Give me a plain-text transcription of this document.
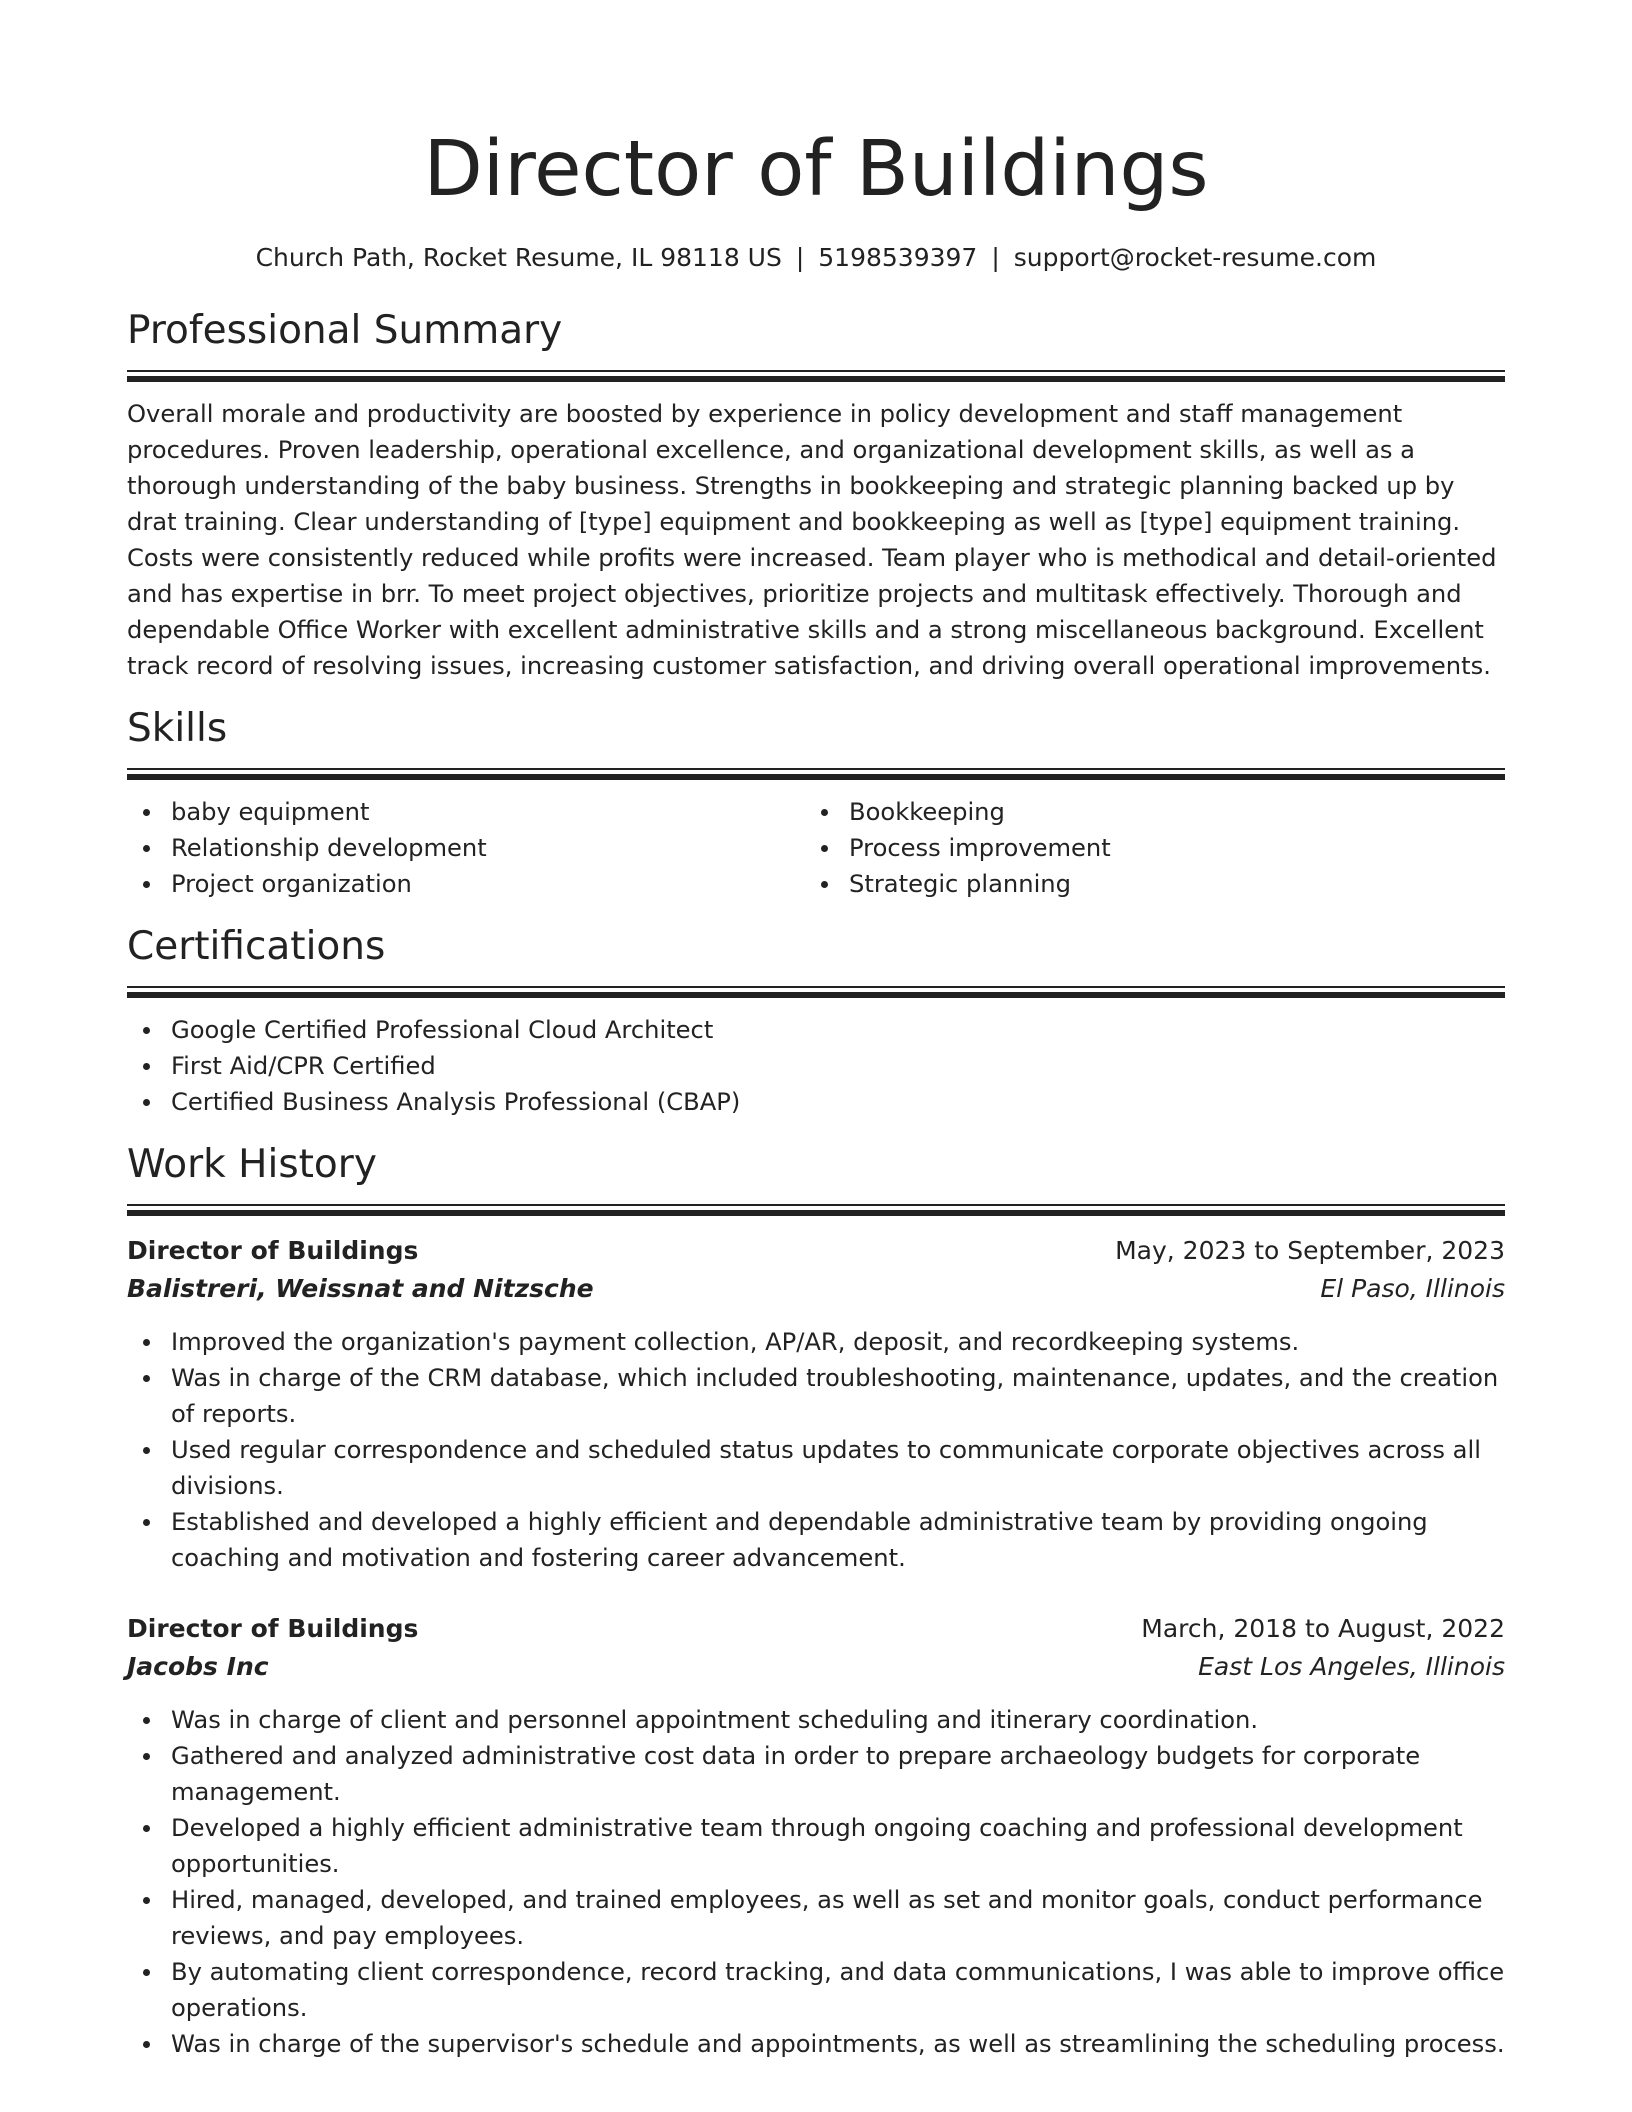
Director of Buildings
Church Path, Rocket Resume, IL 98118 US | 5198539397 | support@rocket-resume.com
Professional Summary

Overall morale and productivity are boosted by experience in policy development and staff management procedures. Proven leadership, operational excellence, and organizational development skills, as well as a thorough understanding of the baby business. Strengths in bookkeeping and strategic planning backed up by drat training. Clear understanding of [type] equipment and bookkeeping as well as [type] equipment training. Costs were consistently reduced while profits were increased. Team player who is methodical and detail-oriented and has expertise in brr. To meet project objectives, prioritize projects and multitask effectively. Thorough and dependable Office Worker with excellent administrative skills and a strong miscellaneous background. Excellent track record of resolving issues, increasing customer satisfaction, and driving overall operational improvements.

Skills
baby equipment
Relationship development
Project organization
Bookkeeping
Process improvement
Strategic planning
Certifications
Google Certified Professional Cloud Architect
First Aid/CPR Certified
Certified Business Analysis Professional (CBAP)
Work History
Director of Buildings	May, 2023 to September, 2023
Balistreri, Weissnat and Nitzsche	El Paso, Illinois
Improved the organization's payment collection, AP/AR, deposit, and recordkeeping systems.
Was in charge of the CRM database, which included troubleshooting, maintenance, updates, and the creation of reports.
Used regular correspondence and scheduled status updates to communicate corporate objectives across all divisions.
Established and developed a highly efficient and dependable administrative team by providing ongoing coaching and motivation and fostering career advancement.
Director of Buildings	March, 2018 to August, 2022
Jacobs Inc	East Los Angeles, Illinois
Was in charge of client and personnel appointment scheduling and itinerary coordination.
Gathered and analyzed administrative cost data in order to prepare archaeology budgets for corporate management.
Developed a highly efficient administrative team through ongoing coaching and professional development opportunities.
Hired, managed, developed, and trained employees, as well as set and monitor goals, conduct performance reviews, and pay employees.
By automating client correspondence, record tracking, and data communications, I was able to improve office operations.
Was in charge of the supervisor's schedule and appointments, as well as streamlining the scheduling process.
